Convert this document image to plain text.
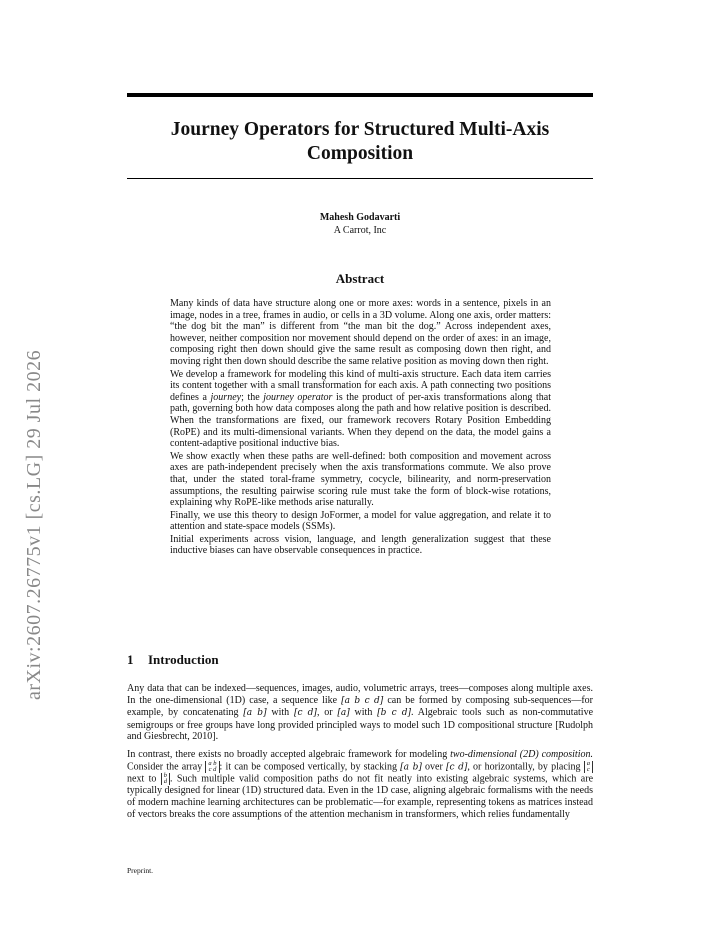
arXiv:2607.26775v1 [cs.LG] 29 Jul 2026
Journey Operators for Structured Multi-Axis Composition
Mahesh Godavarti
A Carrot, Inc
Abstract

Many kinds of data have structure along one or more axes: words in a sentence, pixels in an image, nodes in a tree, frames in audio, or cells in a 3D volume. Along one axis, order matters: “the dog bit the man” is different from “the man bit the dog.” Across independent axes, however, neither composition nor movement should depend on the order of axes: in an image, composing right then down should give the same result as composing down then right, and moving right then down should describe the same relative position as moving down then right.

We develop a framework for modeling this kind of multi-axis structure. Each data item carries its content together with a small transformation for each axis. A path connecting two positions defines a journey; the journey operator is the product of per-axis transformations along that path, governing both how data composes along the path and how relative position is described. When the transformations are fixed, our framework recovers Rotary Position Embedding (RoPE) and its multi-dimensional variants. When they depend on the data, the model gains a content-adaptive positional inductive bias.

We show exactly when these paths are well-defined: both composition and movement across axes are path-independent precisely when the axis transformations commute. We also prove that, under the stated toral-frame symmetry, cocycle, bilinearity, and norm-preservation assumptions, the resulting pairwise scoring rule must take the form of block-wise rotations, explaining why RoPE-like methods arise naturally.

Finally, we use this theory to design JoFormer, a model for value aggregation, and relate it to attention and state-space models (SSMs).

Initial experiments across vision, language, and length generalization suggest that these inductive biases can have observable consequences in practice.

1 Introduction

Any data that can be indexed—sequences, images, audio, volumetric arrays, trees—composes along multiple axes. In the one-dimensional (1D) case, a sequence like [a b c d] can be formed by composing sub-sequences—for example, by concatenating [a b] with [c d], or [a] with [b c d]. Algebraic tools such as non-commutative semigroups or free groups have long provided principled ways to model such 1D compositional structure [Rudolph and Giesbrecht, 2010].

In contrast, there exists no broadly accepted algebraic framework for modeling two-dimensional (2D) composition. Consider the array a b
c d : it can be composed vertically, by stacking [a b] over [c d], or horizontally, by placing a
c next to b
d . Such multiple valid composition paths do not fit neatly into existing algebraic systems, which are typically designed for linear (1D) structured data. Even in the 1D case, aligning algebraic formalisms with the needs of modern machine learning architectures can be problematic—for example, representing tokens as matrices instead of vectors breaks the core assumptions of the attention mechanism in transformers, which relies fundamentally

Preprint.
